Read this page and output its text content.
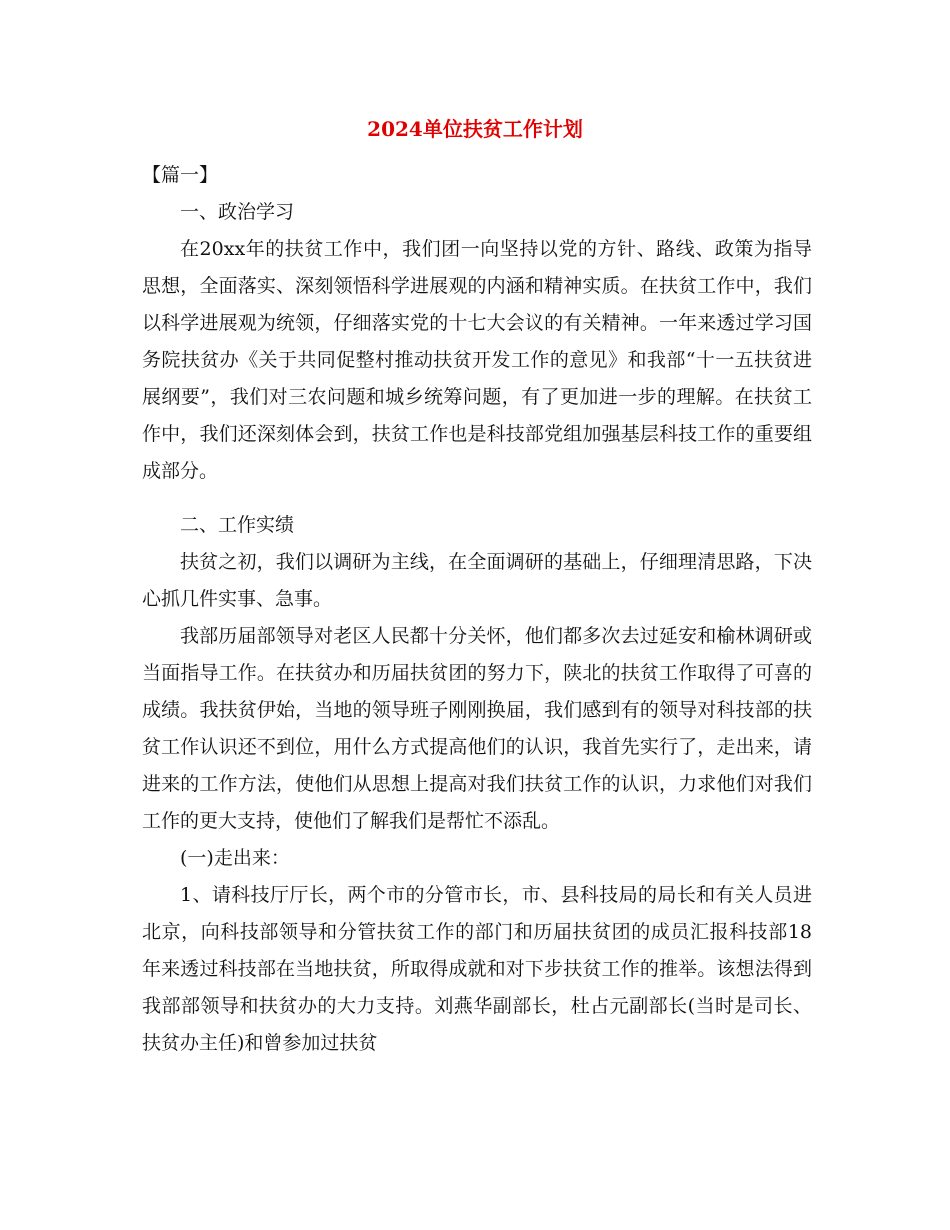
2024单位扶贫工作计划

【篇一】

一、政治学习

在20xx年的扶贫工作中，我们团一向坚持以党的方针、路线、政策为指导思想，全面落实、深刻领悟科学进展观的内涵和精神实质。在扶贫工作中，我们以科学进展观为统领，仔细落实党的十七大会议的有关精神。一年来透过学习国务院扶贫办《关于共同促整村推动扶贫开发工作的意见》和我部“十一五扶贫进展纲要”，我们对三农问题和城乡统筹问题，有了更加进一步的理解。在扶贫工作中，我们还深刻体会到，扶贫工作也是科技部党组加强基层科技工作的重要组成部分。

二、工作实绩

扶贫之初，我们以调研为主线，在全面调研的基础上，仔细理清思路，下决心抓几件实事、急事。

我部历届部领导对老区人民都十分关怀，他们都多次去过延安和榆林调研或当面指导工作。在扶贫办和历届扶贫团的努力下，陕北的扶贫工作取得了可喜的成绩。我扶贫伊始，当地的领导班子刚刚换届，我们感到有的领导对科技部的扶贫工作认识还不到位，用什么方式提高他们的认识，我首先实行了，走出来，请进来的工作方法，使他们从思想上提高对我们扶贫工作的认识，力求他们对我们工作的更大支持，使他们了解我们是帮忙不添乱。

(一)走出来：

1、请科技厅厅长，两个市的分管市长，市、县科技局的局长和有关人员进北京，向科技部领导和分管扶贫工作的部门和历届扶贫团的成员汇报科技部18年来透过科技部在当地扶贫，所取得成就和对下步扶贫工作的推举。该想法得到我部部领导和扶贫办的大力支持。刘燕华副部长，杜占元副部长(当时是司长、扶贫办主任)和曾参加过扶贫
